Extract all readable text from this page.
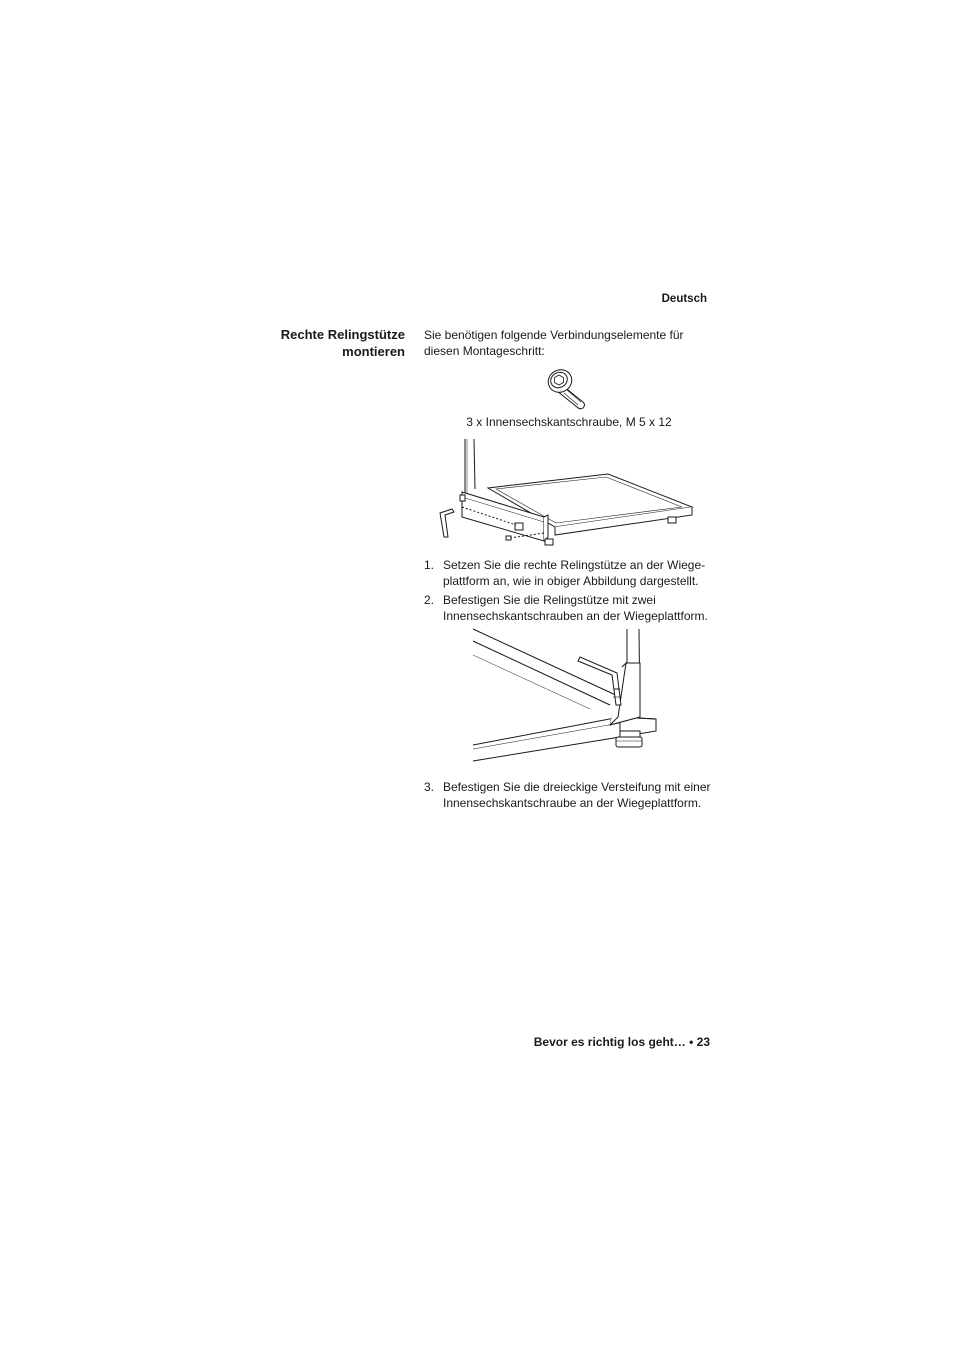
Deutsch
Rechte Relingstütze
montieren
Sie benötigen folgende Verbindungselemente für diesen Montageschritt:
3 x Innensechskantschraube, M 5 x 12
1. Setzen Sie die rechte Relingstütze an der Wiege- plattform an, wie in obiger Abbildung dargestellt.
2. Befestigen Sie die Relingstütze mit zwei Innensechskantschrauben an der Wiegeplattform.
3. Befestigen Sie die dreieckige Versteifung mit einer Innensechskantschraube an der Wiegeplattform.
Bevor es richtig los geht… • 23
